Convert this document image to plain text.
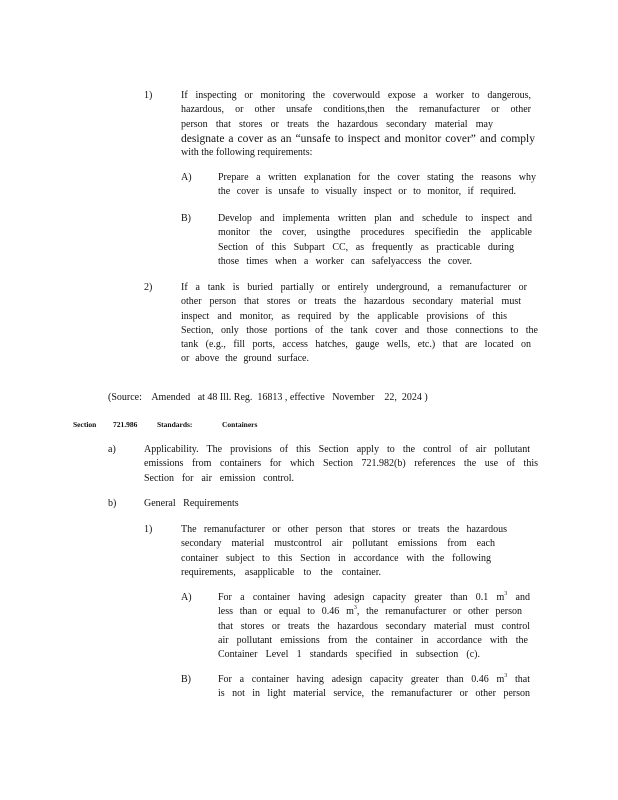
1)	If inspecting or monitoring the coverwould expose a worker to dangerous,
hazardous, or other unsafe conditions,then the remanufacturer or other
person that stores or treats the hazardous secondary material may
designate a cover as an “unsafe to inspect and monitor cover” and comply
with the following requirements:
A)	Prepare a written explanation for the cover stating the reasons why
the cover is unsafe to visually inspect or to monitor, if required.
B)	Develop and implementa written plan and schedule to inspect and
monitor the cover, usingthe procedures specifiedin the applicable
Section of this Subpart CC, as frequently as practicable during
those times when a worker can safelyaccess the cover.
2)	If a tank is buried partially or entirely underground, a remanufacturer or
other person that stores or treats the hazardous secondary material must
inspect and monitor, as required by the applicable provisions of this
Section, only those portions of the tank cover and those connections to the
tank (e.g., fill ports, access hatches, gauge wells, etc.) that are located on
or above the ground surface.
(Source:    Amended   at 48 Ill. Reg.  16813 , effective   November    22,  2024 )
Section 721.986	Standards:	Containers
a)	Applicability. The provisions of this Section apply to the control of air pollutant
emissions from containers for which Section 721.982(b) references the use of this
Section for air emission control.
b)	General   Requirements
1)	The remanufacturer or other person that stores or treats the hazardous
secondary material mustcontrol air pollutant emissions from each
container subject to this Section in accordance with the following
requirements, asapplicable to the container.
A)	For a container having adesign capacity greater than 0.1 $m^3$ and
less than or equal to 0.46 $m^3$, the remanufacturer or other person
that stores or treats the hazardous secondary material must control
air pollutant emissions from the container in accordance with the
Container Level 1 standards specified in subsection (c).
B)	For a container having adesign capacity greater than 0.46 $m^3$ that
is not in light material service, the remanufacturer or other person
